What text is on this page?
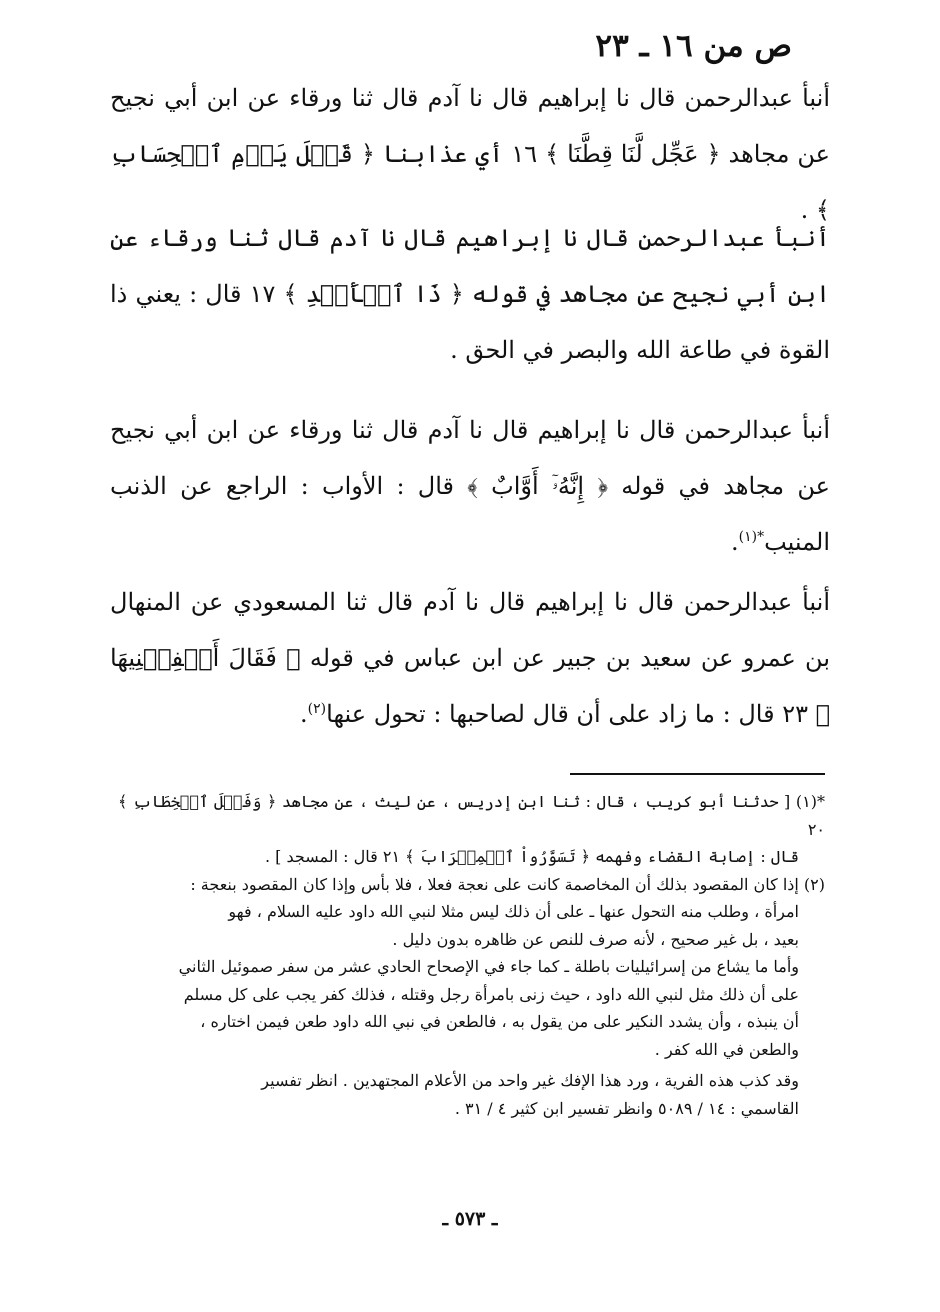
ص من ١٦ ـ ٢٣

أنبأ عبدالرحمن قال نا إبراهيم قال نا آدم قال ثنا ورقاء عن ابن أبي نجيح عن مجاهد ﴿ عَجِّل لَّنَا قِطَّنَا ﴾ ١٦ أي عذابنا ﴿ قَبۡلَ يَوۡمِ ٱلۡحِسَابِ ﴾ .

أنبأ عبدالرحمن قال نا إبراهيم قال نا آدم قال ثنا ورقاء عن ابن أبي نجيح عن مجاهد في قوله ﴿ ذَا ٱلۡأَيۡدِ ﴾ ١٧ قال : يعني ذا القوة في طاعة الله والبصر في الحق .

أنبأ عبدالرحمن قال نا إبراهيم قال نا آدم قال ثنا ورقاء عن ابن أبي نجيح عن مجاهد في قوله ﴿ إِنَّهُۥٓ أَوَّابٌ ﴾ قال : الأواب : الراجع عن الذنب المنيب$^{*(١)}$.

أنبأ عبدالرحمن قال نا إبراهيم قال نا آدم قال ثنا المسعودي عن المنهال بن عمرو عن سعيد بن جبير عن ابن عباس في قوله ﴿ فَقَالَ أَكۡفِلۡنِيهَا ﴾ ٢٣ قال : ما زاد على أن قال لصاحبها : تحول عنها$^{(٢)}$.

*(١) [ حدثنا أبو كريب ، قال : ثنا ابن إدريس ، عن ليث ، عن مجاهد ﴿ وَفَصۡلَ ٱلۡخِطَابِ ﴾ ٢٠

قال : إصابة القضاء وفهمه ﴿ تَسَوَّرُواْ ٱلۡمِحۡرَابَ ﴾ ٢١ قال : المسجد ] .

(٢) إذا كان المقصود بذلك أن المخاصمة كانت على نعجة فعلا ، فلا بأس وإذا كان المقصود بنعجة :

امرأة ، وطلب منه التحول عنها ـ على أن ذلك ليس مثلا لنبي الله داود عليه السلام ، فهو

بعيد ، بل غير صحيح ، لأنه صرف للنص عن ظاهره بدون دليل .

وأما ما يشاع من إسرائيليات باطلة ـ كما جاء في الإصحاح الحادي عشر من سفر صموئيل الثاني

على أن ذلك مثل لنبي الله داود ، حيث زنى بامرأة رجل وقتله ، فذلك كفر يجب على كل مسلم

أن ينبذه ، وأن يشدد النكير على من يقول به ، فالطعن في نبي الله داود طعن فيمن اختاره ،

والطعن في الله كفر .

وقد كذب هذه الفرية ، ورد هذا الإفك غير واحد من الأعلام المجتهدين . انظر تفسير

القاسمي : ١٤ / ٥٠٨٩ وانظر تفسير ابن كثير ٤ / ٣١ .

ـ ٥٧٣ ـ
